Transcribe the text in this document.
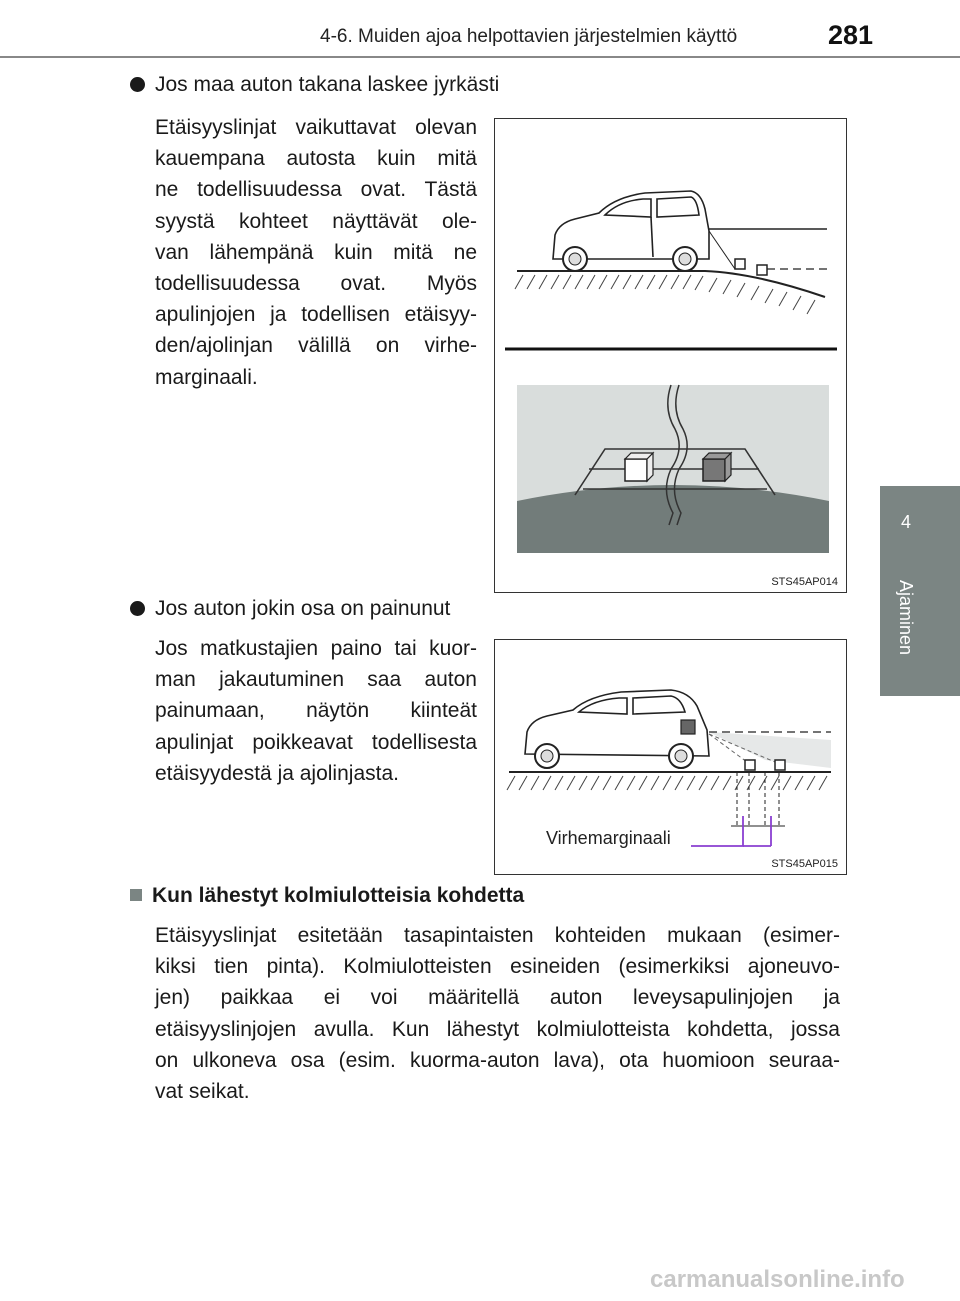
4-6. Muiden ajoa helpottavien järjestelmien käyttö	281
4
Ajaminen
Jos maa auton takana laskee jyrkästi
Etäisyyslinjat vaikuttavat olevan
kauempana autosta kuin mitä
ne todellisuudessa ovat. Tästä
syystä kohteet näyttävät ole-
van lähempänä kuin mitä ne
todellisuudessa ovat. Myös
apulinjojen ja todellisen etäisyy-
den/ajolinjan välillä on virhe-
marginaali.
STS45AP014
Jos auton jokin osa on painunut
Jos matkustajien paino tai kuor-
man jakautuminen saa auton
painumaan, näytön kiinteät
apulinjat poikkeavat todellisesta
etäisyydestä ja ajolinjasta.
Virhemarginaali
STS45AP015
Kun lähestyt kolmiulotteisia kohdetta
Etäisyyslinjat esitetään tasapintaisten kohteiden mukaan (esimer-
kiksi tien pinta). Kolmiulotteisten esineiden (esimerkiksi ajoneuvo-
jen) paikkaa ei voi määritellä auton leveysapulinjojen ja
etäisyyslinjojen avulla. Kun lähestyt kolmiulotteista kohdetta, jossa
on ulkoneva osa (esim. kuorma-auton lava), ota huomioon seuraa-
vat seikat.
carmanualsonline.info
